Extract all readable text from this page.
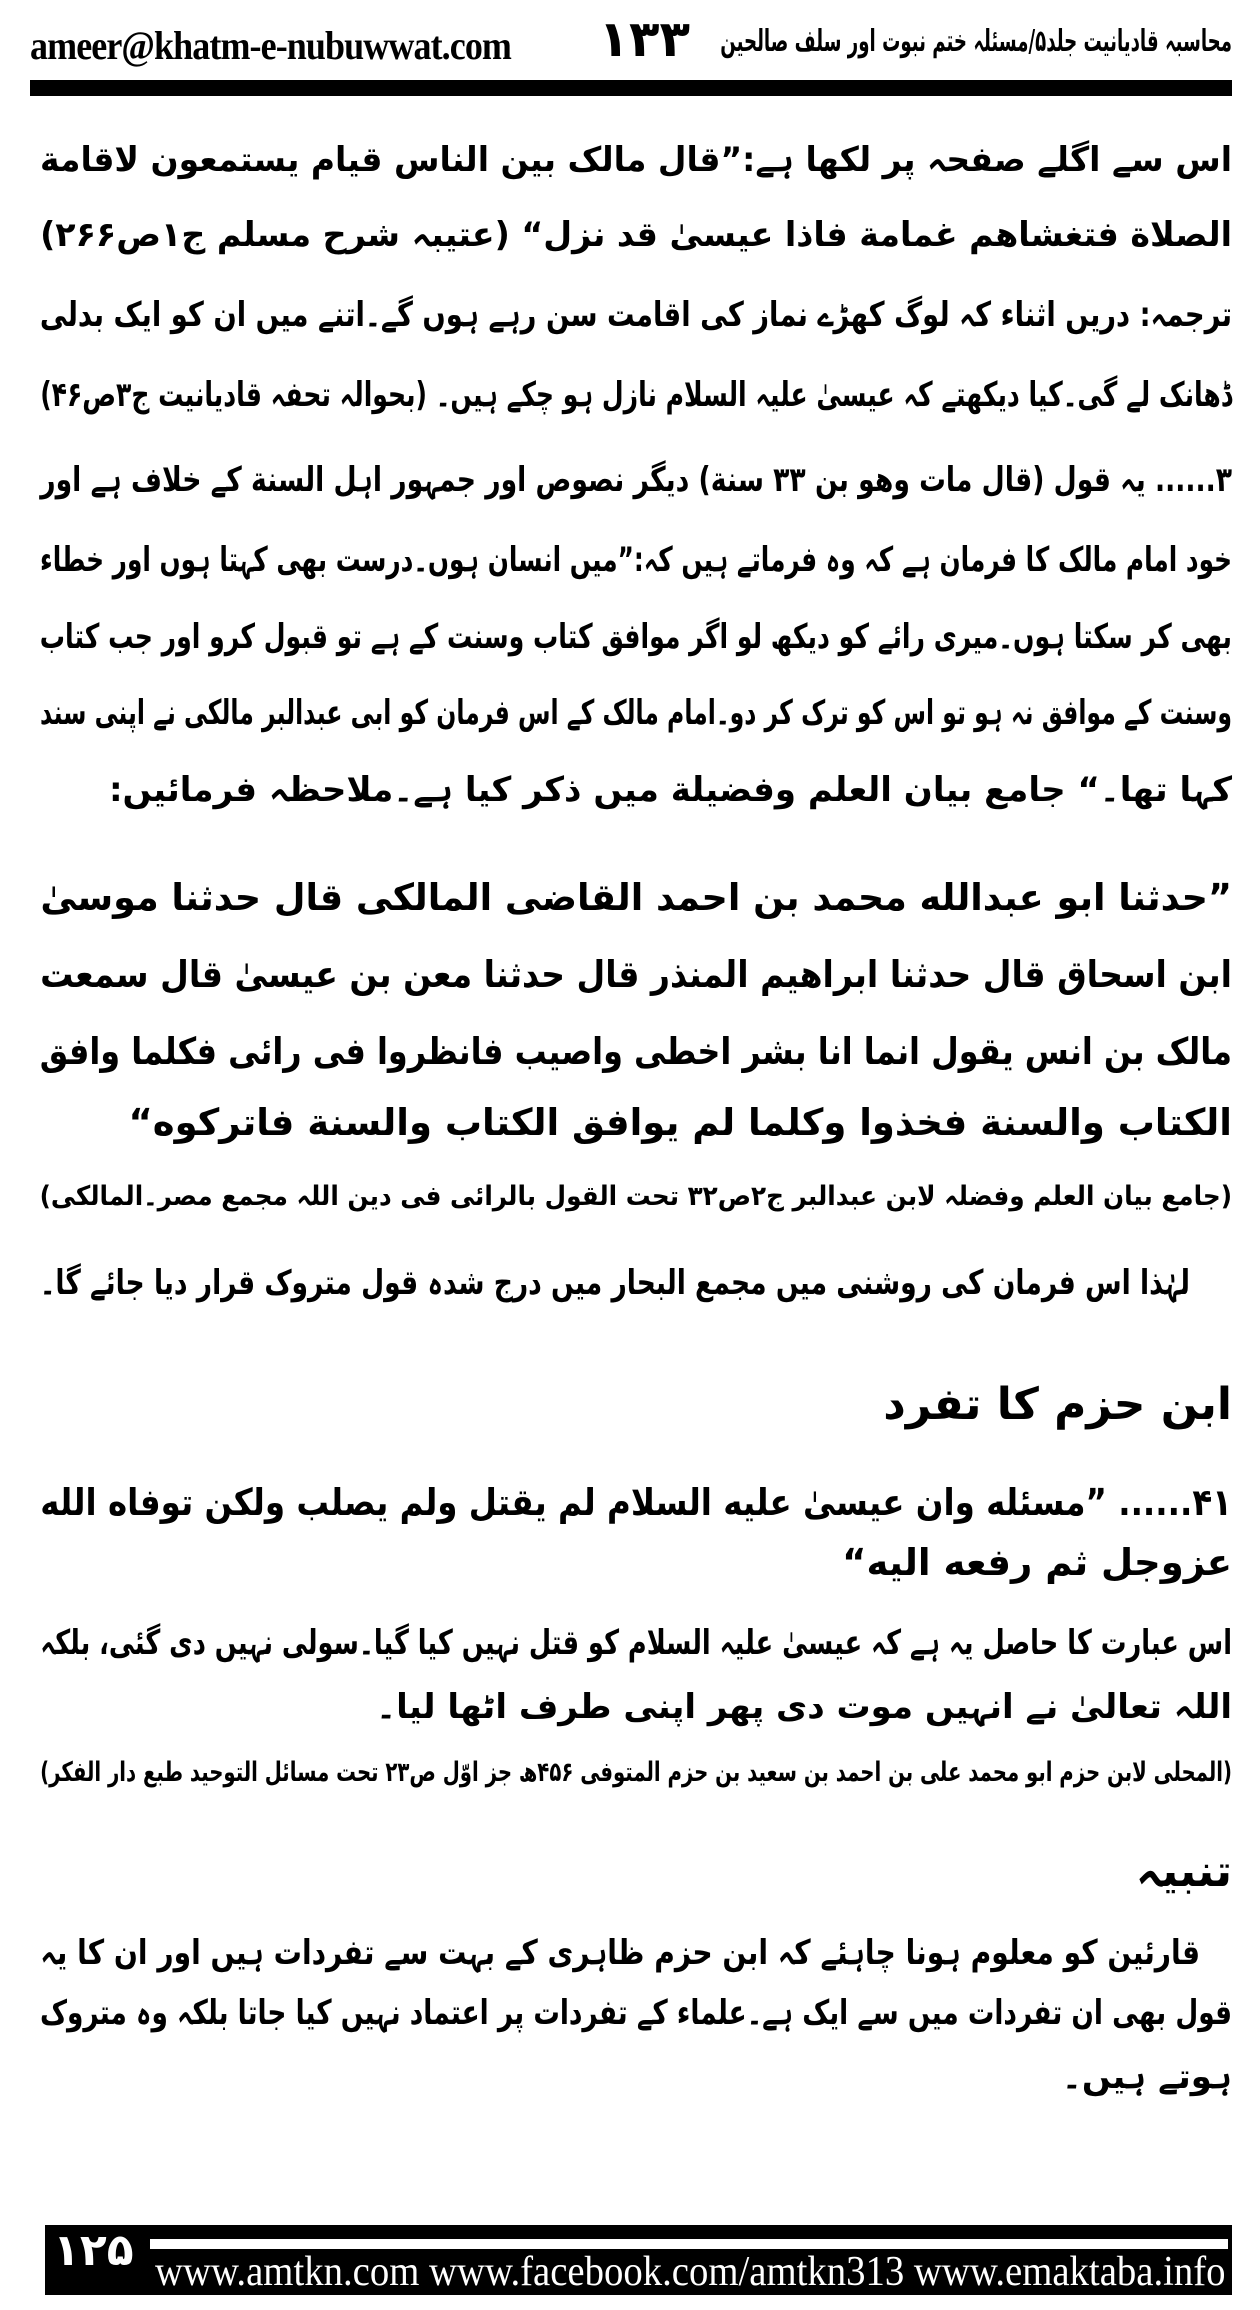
ameer@khatm-e-nubuwwat.com ۱۳۳ محاسبہ قادیانیت جلد۵/مسئلہ ختم نبوت اور سلف صالحین
اس سے اگلے صفحہ پر لکھا ہے:”قال مالک بین الناس قیام یستمعون لاقامة
الصلاة فتغشاهم غمامة فاذا عیسیٰ قد نزل“ (عتیبہ شرح مسلم ج۱ص۲۶۶)
ترجمہ: دریں اثناء کہ لوگ کھڑے نماز کی اقامت سن رہے ہوں گے۔اتنے میں ان کو ایک بدلی
ڈھانک لے گی۔کیا دیکھتے کہ عیسیٰ علیہ السلام نازل ہو چکے ہیں۔ (بحوالہ تحفہ قادیانیت ج۳ص۴۶)
۳...... یہ قول (قال مات وھو بن ۳۳ سنة) دیگر نصوص اور جمہور اہل السنة کے خلاف ہے اور
خود امام مالک کا فرمان ہے کہ وہ فرماتے ہیں کہ:”میں انسان ہوں۔درست بھی کہتا ہوں اور خطاء
بھی کر سکتا ہوں۔میری رائے کو دیکھ لو اگر موافق کتاب وسنت کے ہے تو قبول کرو اور جب کتاب
وسنت کے موافق نہ ہو تو اس کو ترک کر دو۔امام مالک کے اس فرمان کو ابی عبدالبر مالکی نے اپنی سند
کہا تھا۔“ جامع بیان العلم وفضیلة میں ذکر کیا ہے۔ملاحظہ فرمائیں:
”حدثنا ابو عبدالله محمد بن احمد القاضی المالکی قال حدثنا موسیٰ
ابن اسحاق قال حدثنا ابراهیم المنذر قال حدثنا معن بن عیسیٰ قال سمعت
مالک بن انس یقول انما انا بشر اخطی واصیب فانظروا فی رائی فکلما وافق
الکتاب والسنة فخذوا وکلما لم یوافق الکتاب والسنة فاترکوه“
(جامع بیان العلم وفضلہ لابن عبدالبر ج۲ص۳۲ تحت القول بالرائی فی دین اللہ مجمع مصر۔المالکی)
لہٰذا اس فرمان کی روشنی میں مجمع البحار میں درج شدہ قول متروک قرار دیا جائے گا۔
ابن حزم کا تفرد
۴۱...... ”مسئله وان عیسیٰ علیه السلام لم یقتل ولم یصلب ولکن توفاه الله
عزوجل ثم رفعه الیه“
اس عبارت کا حاصل یہ ہے کہ عیسیٰ علیہ السلام کو قتل نہیں کیا گیا۔سولی نہیں دی گئی، بلکہ
اللہ تعالیٰ نے انہیں موت دی پھر اپنی طرف اٹھا لیا۔
(المحلی لابن حزم ابو محمد علی بن احمد بن سعید بن حزم المتوفی ۴۵۶ھ جز اوّل ص۲۳ تحت مسائل التوحید طبع دار الفکر)
تنبیہ
قارئین کو معلوم ہونا چاہئے کہ ابن حزم ظاہری کے بہت سے تفردات ہیں اور ان کا یہ
قول بھی ان تفردات میں سے ایک ہے۔علماء کے تفردات پر اعتماد نہیں کیا جاتا بلکہ وہ متروک
ہوتے ہیں۔
۱۲۵ www.amtkn.com www.facebook.com/amtkn313 www.emaktaba.info
